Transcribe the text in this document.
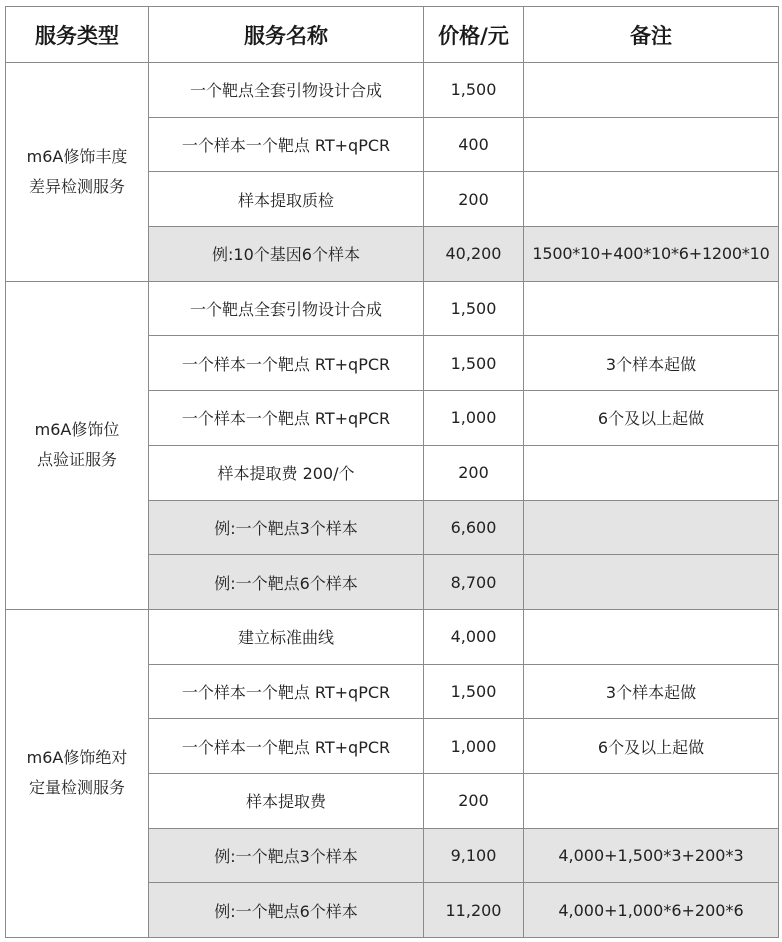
服务类型	服务名称	价格/元	备注

m6A修饰丰度
差异检测服务	一个靶点全套引物设计合成	1,500	
	一个样本一个靶点 RT+qPCR	400	
	样本提取质检	200	
	例:10个基因6个样本	40,200	1500*10+400*10*6+1200*10

m6A修饰位
点验证服务	一个靶点全套引物设计合成	1,500	
	一个样本一个靶点 RT+qPCR	1,500	3个样本起做
	一个样本一个靶点 RT+qPCR	1,000	6个及以上起做
	样本提取费 200/个	200	
	例:一个靶点3个样本	6,600	
	例:一个靶点6个样本	8,700	

m6A修饰绝对
定量检测服务	建立标准曲线	4,000	
	一个样本一个靶点 RT+qPCR	1,500	3个样本起做
	一个样本一个靶点 RT+qPCR	1,000	6个及以上起做
	样本提取费	200	
	例:一个靶点3个样本	9,100	4,000+1,500*3+200*3
	例:一个靶点6个样本	11,200	4,000+1,000*6+200*6
